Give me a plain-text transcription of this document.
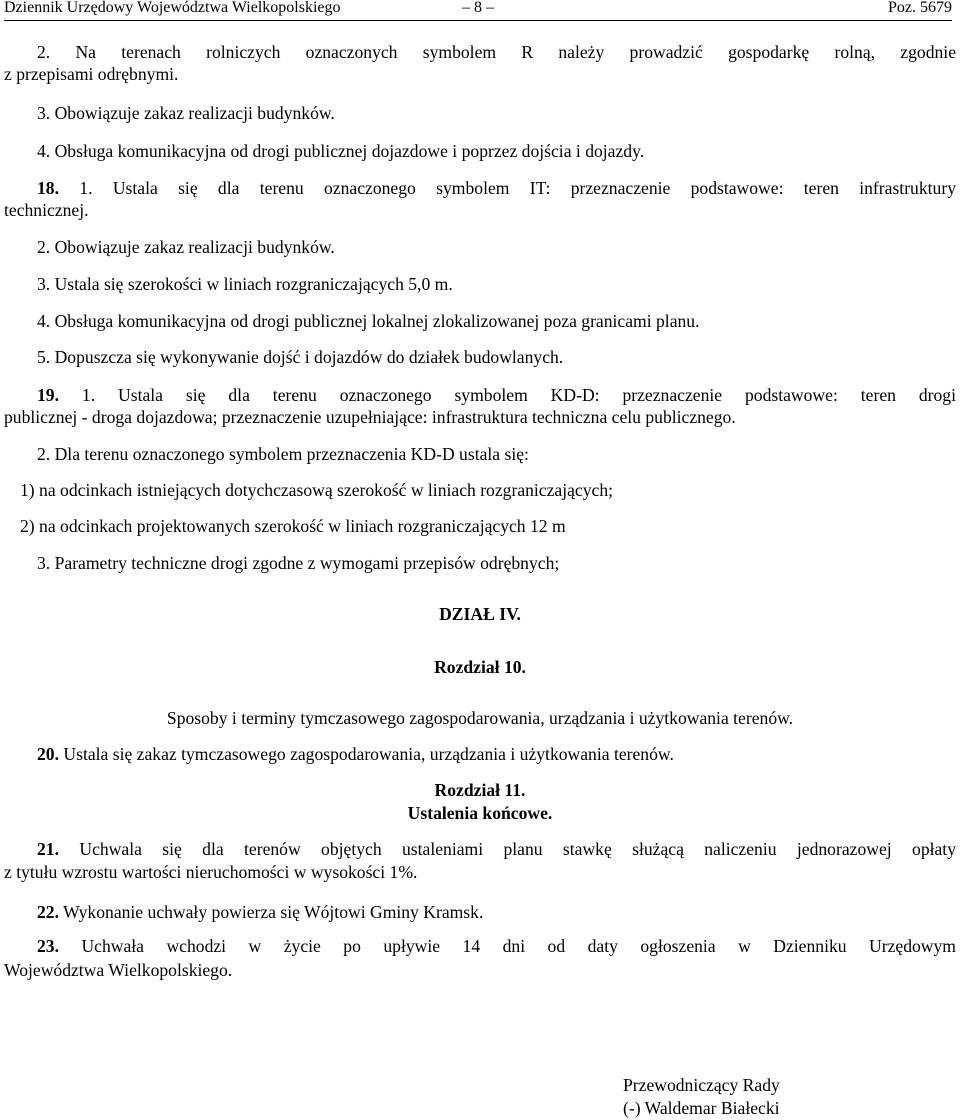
Dziennik Urzędowy Województwa Wielkopolskiego	– 8 –	Poz. 5679
2. Na terenach rolniczych oznaczonych symbolem R należy prowadzić gospodarkę rolną, zgodnie
z przepisami odrębnymi.
3. Obowiązuje zakaz realizacji budynków.
4. Obsługa komunikacyjna od drogi publicznej dojazdowe i poprzez dojścia i dojazdy.
18. 1. Ustala się dla terenu oznaczonego symbolem IT: przeznaczenie podstawowe: teren infrastruktury
technicznej.
2. Obowiązuje zakaz realizacji budynków.
3. Ustala się szerokości w liniach rozgraniczających 5,0 m.
4. Obsługa komunikacyjna od drogi publicznej lokalnej zlokalizowanej poza granicami planu.
5. Dopuszcza się wykonywanie dojść i dojazdów do działek budowlanych.
19. 1. Ustala się dla terenu oznaczonego symbolem KD-D: przeznaczenie podstawowe: teren drogi
publicznej - droga dojazdowa; przeznaczenie uzupełniające: infrastruktura techniczna celu publicznego.
2. Dla terenu oznaczonego symbolem przeznaczenia KD-D ustala się:
1) na odcinkach istniejących dotychczasową szerokość w liniach rozgraniczających;
2) na odcinkach projektowanych szerokość w liniach rozgraniczających 12 m
3. Parametry techniczne drogi zgodne z wymogami przepisów odrębnych;
DZIAŁ IV.
Rozdział 10.
Sposoby i terminy tymczasowego zagospodarowania, urządzania i użytkowania terenów.
20. Ustala się zakaz tymczasowego zagospodarowania, urządzania i użytkowania terenów.
Rozdział 11.
Ustalenia końcowe.
21. Uchwala się dla terenów objętych ustaleniami planu stawkę służącą naliczeniu jednorazowej opłaty
z tytułu wzrostu wartości nieruchomości w wysokości 1%.
22. Wykonanie uchwały powierza się Wójtowi Gminy Kramsk.
23. Uchwała wchodzi w życie po upływie 14 dni od daty ogłoszenia w Dzienniku Urzędowym
Województwa Wielkopolskiego.
Przewodniczący Rady
(-) Waldemar Białecki
